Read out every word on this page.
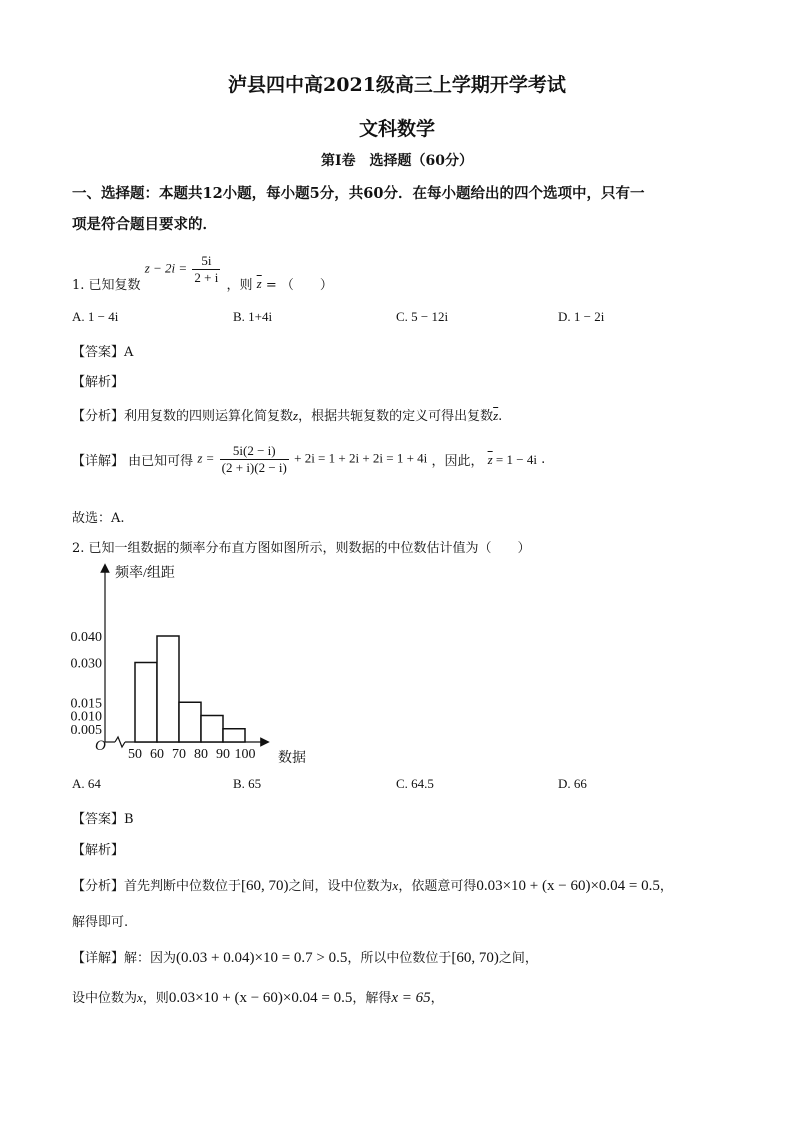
泸县四中高2021级高三上学期开学考试
文科数学
第I卷　选择题（60分）
一、选择题：本题共12小题，每小题5分，共60分．在每小题给出的四个选项中，只有一
项是符合题目要求的．
1. 已知复数 $z - 2i = \frac{5i}{2 + i}$ ，则 $\overline{z}$ = （　　）
A. 1 − 4i	B. 1+4i	C. 5 − 12i	D. 1 − 2i
【答案】A
【解析】
【分析】利用复数的四则运算化简复数z，根据共轭复数的定义可得出复数$\overline{z}$.
【详解】 由已知可得 $z = \frac{5i(2 - i)}{(2 + i)(2 - i)} + 2i = 1 + 2i + 2i = 1 + 4i$ ，因此， $\overline{z} = 1 - 4i$ .
故选：A.
2. 已知一组数据的频率分布直方图如图所示，则数据的中位数估计值为（　　）
频率/组距
数据
O
0.040
0.030
0.015
0.010
0.005
50 60 70 80 90 100
A. 64	B. 65	C. 64.5	D. 66
【答案】B
【解析】
【分析】首先判断中位数位于[60, 70)之间，设中位数为x，依题意可得0.03×10 + (x − 60)×0.04 = 0.5，
解得即可.
【详解】解：因为(0.03 + 0.04)×10 = 0.7 > 0.5，所以中位数位于[60, 70)之间，
设中位数为x，则0.03×10 + (x − 60)×0.04 = 0.5，解得x = 65，
